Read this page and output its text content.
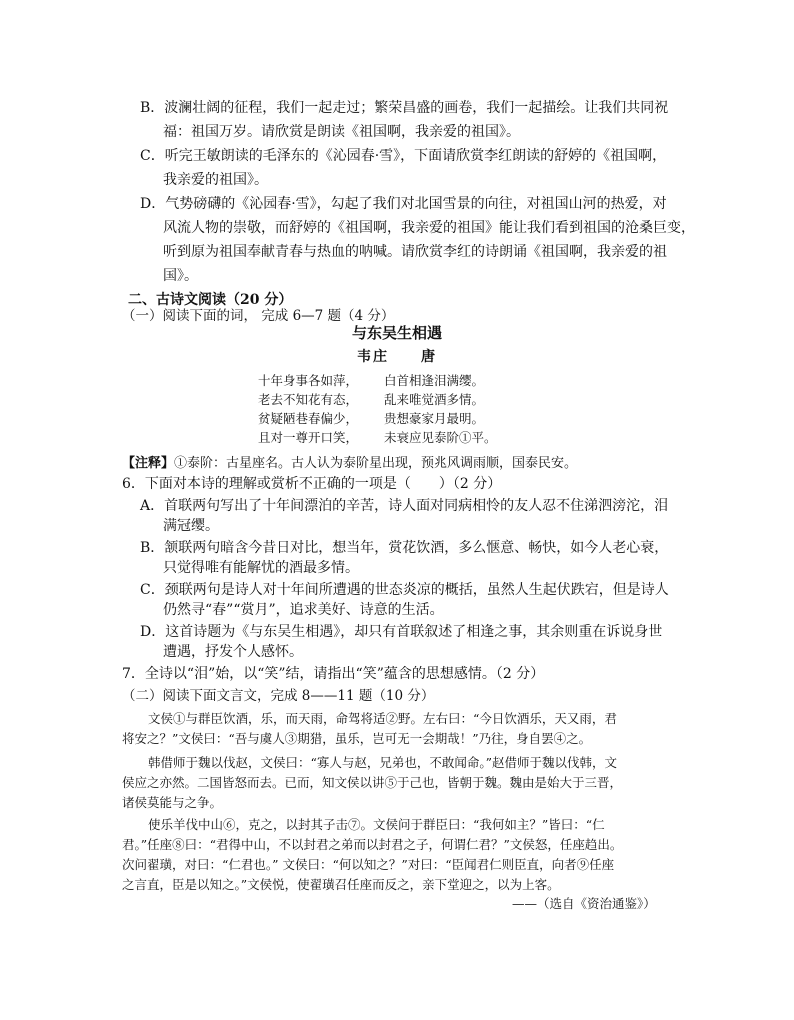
B．波澜壮阔的征程，我们一起走过；繁荣昌盛的画卷，我们一起描绘。让我们共同祝
福：祖国万岁。请欣赏是朗读《祖国啊，我亲爱的祖国》。
C．听完王敏朗读的毛泽东的《沁园春·雪》，下面请欣赏李红朗读的舒婷的《祖国啊，
我亲爱的祖国》。
D．气势磅礴的《沁园春·雪》，勾起了我们对北国雪景的向往，对祖国山河的热爱，对
风流人物的崇敬，而舒婷的《祖国啊，我亲爱的祖国》能让我们看到祖国的沧桑巨变，
听到原为祖国奉献青春与热血的呐喊。请欣赏李红的诗朗诵《祖国啊，我亲爱的祖
国》。
二、古诗文阅读（20 分）
（一）阅读下面的词， 完成 6—7 题（4 分）
与东吴生相遇
韦庄　　唐
十年身事各如萍， 白首相逢泪满缨。
老去不知花有态， 乱来唯觉酒多情。
贫疑陋巷春偏少， 贵想豪家月最明。
且对一尊开口笑， 未衰应见泰阶①平。
【注释】①泰阶：古星座名。古人认为泰阶星出现，预兆风调雨顺，国泰民安。
6．下面对本诗的理解或赏析不正确的一项是（　　）（2 分）
A．首联两句写出了十年间漂泊的辛苦，诗人面对同病相怜的友人忍不住涕泗滂沱，泪
满冠缨。
B．颔联两句暗含今昔日对比，想当年，赏花饮酒，多么惬意、畅快，如今人老心衰，
只觉得唯有能解忧的酒最多情。
C．颈联两句是诗人对十年间所遭遇的世态炎凉的概括，虽然人生起伏跌宕，但是诗人
仍然寻“春”“赏月”，追求美好、诗意的生活。
D．这首诗题为《与东吴生相遇》，却只有首联叙述了相逢之事，其余则重在诉说身世
遭遇，抒发个人感怀。
7．全诗以“泪”始，以“笑”结，请指出“笑”蕴含的思想感情。（2 分）
（二）阅读下面文言文，完成 8——11 题（10 分）
文侯①与群臣饮酒，乐，而天雨，命驾将适②野。左右曰：“今日饮酒乐，天又雨，君
将安之？”文侯曰：“吾与虞人③期猎，虽乐，岂可无一会期哉！”乃往，身自罢④之。
韩借师于魏以伐赵，文侯曰：“寡人与赵，兄弟也，不敢闻命。”赵借师于魏以伐韩，文
侯应之亦然。二国皆怒而去。已而，知文侯以讲⑤于己也，皆朝于魏。魏由是始大于三晋，
诸侯莫能与之争。
使乐羊伐中山⑥，克之，以封其子击⑦。文侯问于群臣曰：“我何如主？”皆曰：“仁
君。”任座⑧曰：“君得中山，不以封君之弟而以封君之子，何谓仁君？”文侯怒，任座趋出。
次问翟璜，对曰：“仁君也。” 文侯曰：“何以知之？”对曰：“臣闻君仁则臣直，向者⑨任座
之言直，臣是以知之。”文侯悦，使翟璜召任座而反之，亲下堂迎之，以为上客。
——（选自《资治通鉴》）
